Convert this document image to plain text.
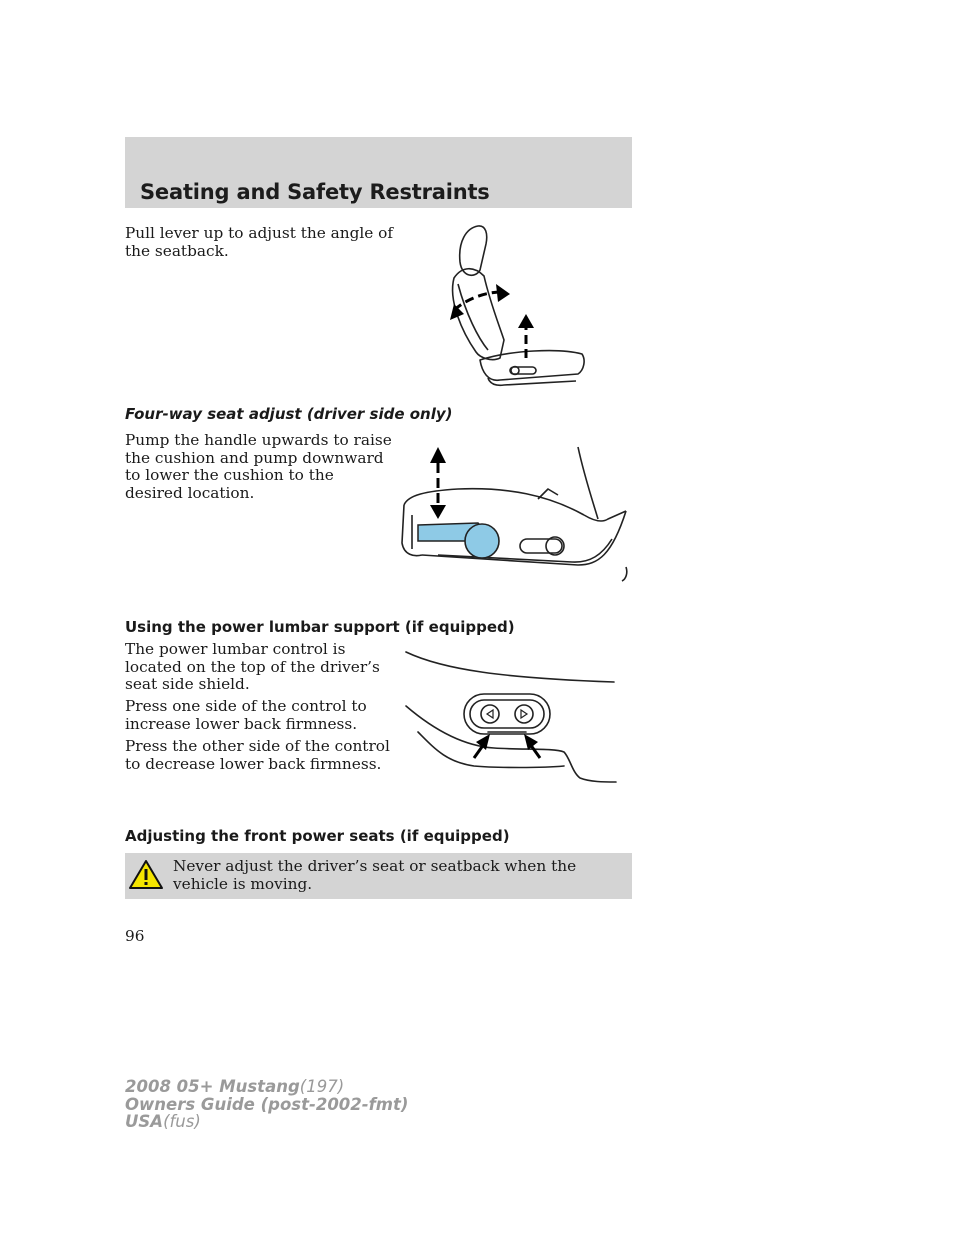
Seating and Safety Restraints

Pull lever up to adjust the angle of the seatback.

Four-way seat adjust (driver side only)

Pump the handle upwards to raise the cushion and pump downward to lower the cushion to the desired location.

Using the power lumbar support (if equipped)

The power lumbar control is located on the top of the driver’s seat side shield.

Press one side of the control to increase lower back firmness.

Press the other side of the control to decrease lower back firmness.

Adjusting the front power seats (if equipped)
Never adjust the driver’s seat or seatback when the vehicle is moving.
96
2008 05+ Mustang(197)
Owners Guide (post-2002-fmt)
USA(fus)
